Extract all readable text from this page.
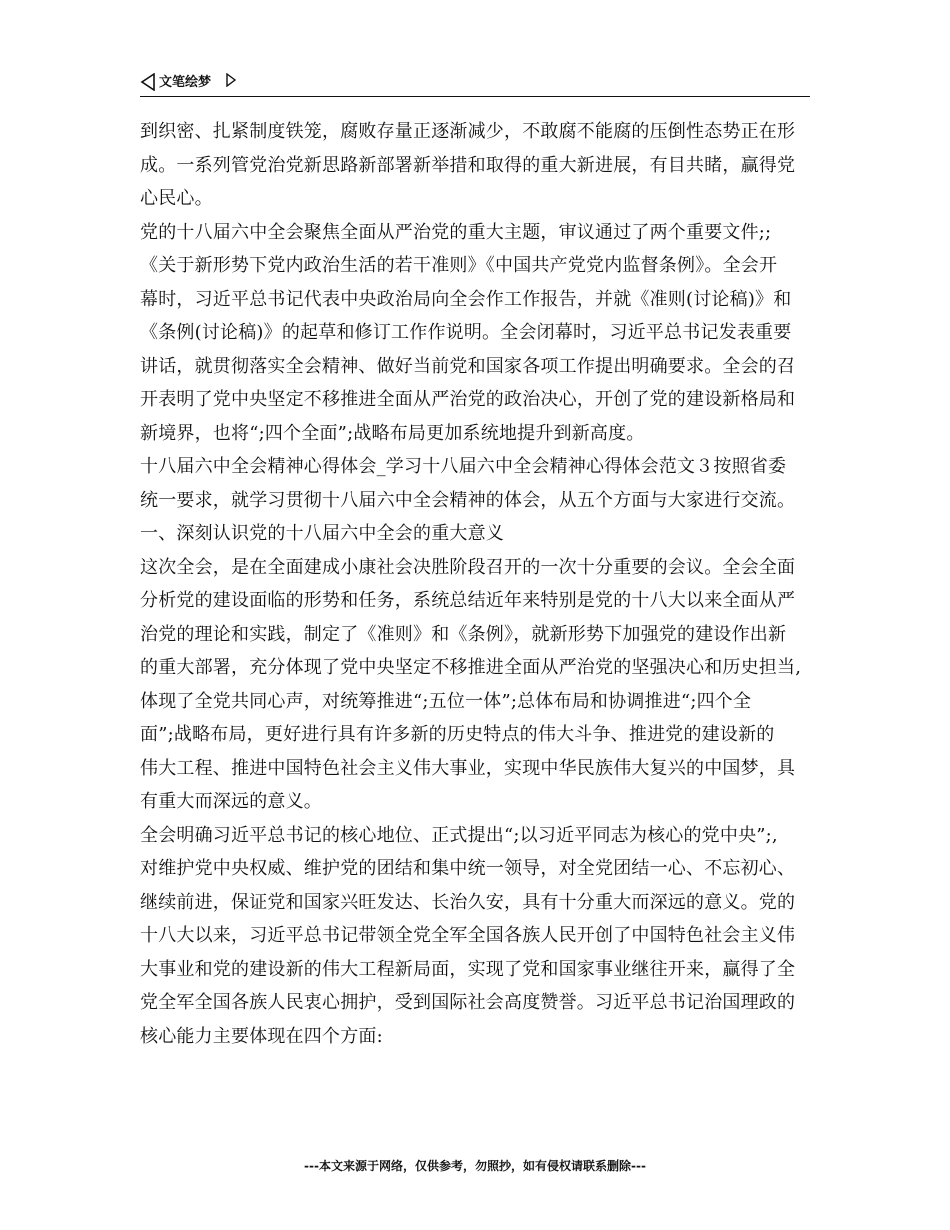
文笔绘梦
到织密、扎紧制度铁笼，腐败存量正逐渐减少，不敢腐不能腐的压倒性态势正在形
成。一系列管党治党新思路新部署新举措和取得的重大新进展，有目共睹，赢得党
心民心。
党的十八届六中全会聚焦全面从严治党的重大主题，审议通过了两个重要文件;;
《关于新形势下党内政治生活的若干准则》《中国共产党党内监督条例》。全会开
幕时，习近平总书记代表中央政治局向全会作工作报告，并就《准则(讨论稿)》和
《条例(讨论稿)》的起草和修订工作作说明。全会闭幕时，习近平总书记发表重要
讲话，就贯彻落实全会精神、做好当前党和国家各项工作提出明确要求。全会的召
开表明了党中央坚定不移推进全面从严治党的政治决心，开创了党的建设新格局和
新境界，也将“;四个全面”;战略布局更加系统地提升到新高度。
十八届六中全会精神心得体会_学习十八届六中全会精神心得体会范文３按照省委
统一要求，就学习贯彻十八届六中全会精神的体会，从五个方面与大家进行交流。
一、深刻认识党的十八届六中全会的重大意义
这次全会，是在全面建成小康社会决胜阶段召开的一次十分重要的会议。全会全面
分析党的建设面临的形势和任务，系统总结近年来特别是党的十八大以来全面从严
治党的理论和实践，制定了《准则》和《条例》，就新形势下加强党的建设作出新
的重大部署，充分体现了党中央坚定不移推进全面从严治党的坚强决心和历史担当,
体现了全党共同心声，对统筹推进“;五位一体”;总体布局和协调推进“;四个全
面”;战略布局，更好进行具有许多新的历史特点的伟大斗争、推进党的建设新的
伟大工程、推进中国特色社会主义伟大事业，实现中华民族伟大复兴的中国梦，具
有重大而深远的意义。
全会明确习近平总书记的核心地位、正式提出“;以习近平同志为核心的党中央”;,
对维护党中央权威、维护党的团结和集中统一领导，对全党团结一心、不忘初心、
继续前进，保证党和国家兴旺发达、长治久安，具有十分重大而深远的意义。党的
十八大以来，习近平总书记带领全党全军全国各族人民开创了中国特色社会主义伟
大事业和党的建设新的伟大工程新局面，实现了党和国家事业继往开来，赢得了全
党全军全国各族人民衷心拥护，受到国际社会高度赞誉。习近平总书记治国理政的
核心能力主要体现在四个方面:
---本文来源于网络，仅供参考，勿照抄，如有侵权请联系删除---
